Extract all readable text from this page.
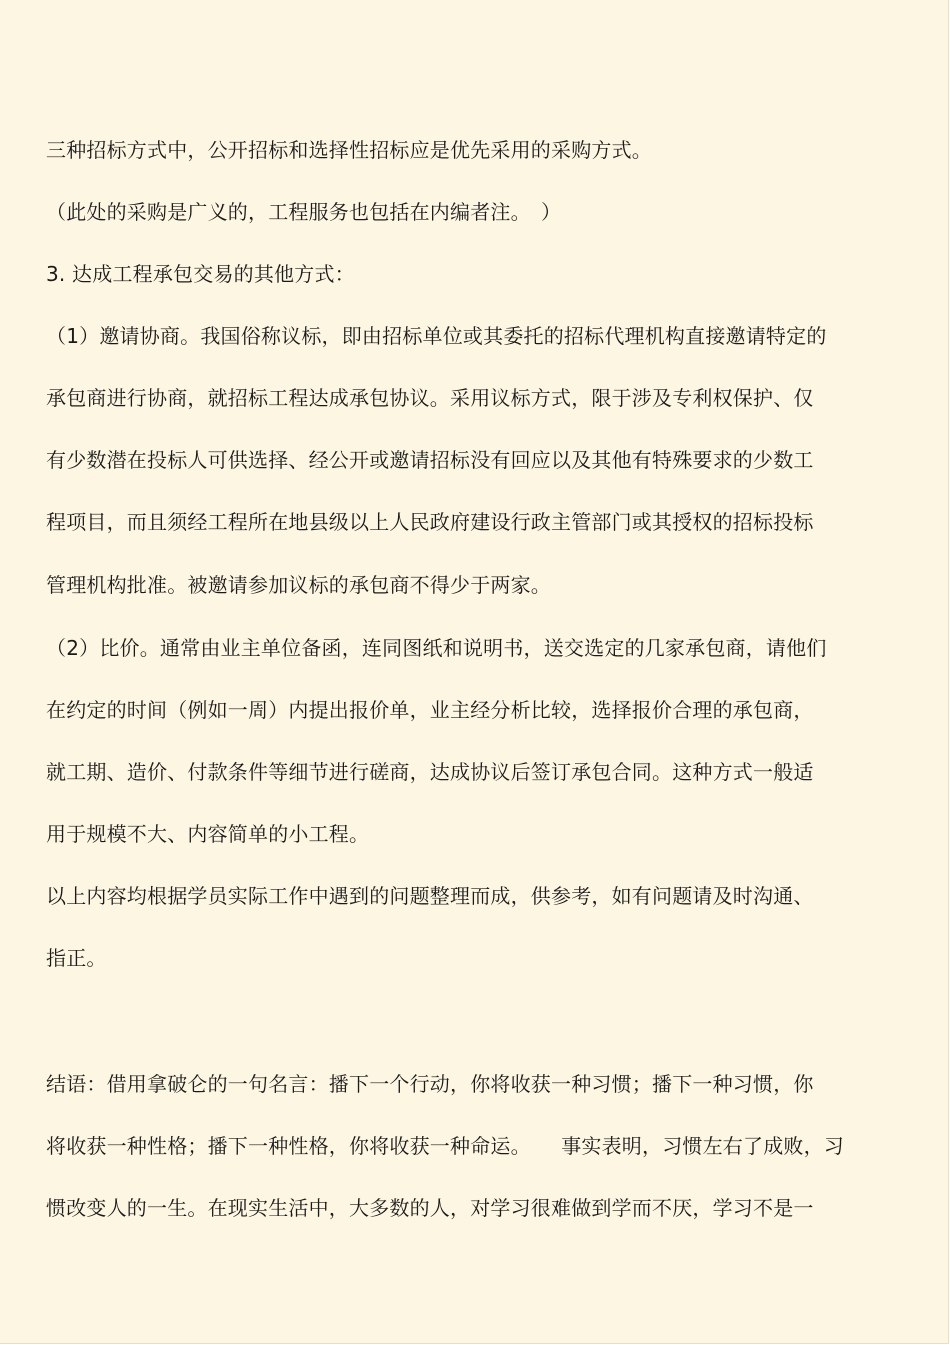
三种招标方式中，公开招标和选择性招标应是优先采用的采购方式。

（此处的采购是广义的，工程服务也包括在内编者注。　）

3. 达成工程承包交易的其他方式：

（1）邀请协商。我国俗称议标，即由招标单位或其委托的招标代理机构直接邀请特定的

承包商进行协商，就招标工程达成承包协议。采用议标方式，限于涉及专利权保护、仅

有少数潜在投标人可供选择、经公开或邀请招标没有回应以及其他有特殊要求的少数工

程项目，而且须经工程所在地县级以上人民政府建设行政主管部门或其授权的招标投标

管理机构批准。被邀请参加议标的承包商不得少于两家。

（2）比价。通常由业主单位备函，连同图纸和说明书，送交选定的几家承包商，请他们

在约定的时间（例如一周）内提出报价单，业主经分析比较，选择报价合理的承包商，

就工期、造价、付款条件等细节进行磋商，达成协议后签订承包合同。这种方式一般适

用于规模不大、内容简单的小工程。

以上内容均根据学员实际工作中遇到的问题整理而成，供参考，如有问题请及时沟通、

指正。

结语：借用拿破仑的一句名言：播下一个行动，你将收获一种习惯；播下一种习惯，你

将收获一种性格；播下一种性格，你将收获一种命运。　　事实表明，习惯左右了成败，习

惯改变人的一生。在现实生活中，大多数的人，对学习很难做到学而不厌，学习不是一
